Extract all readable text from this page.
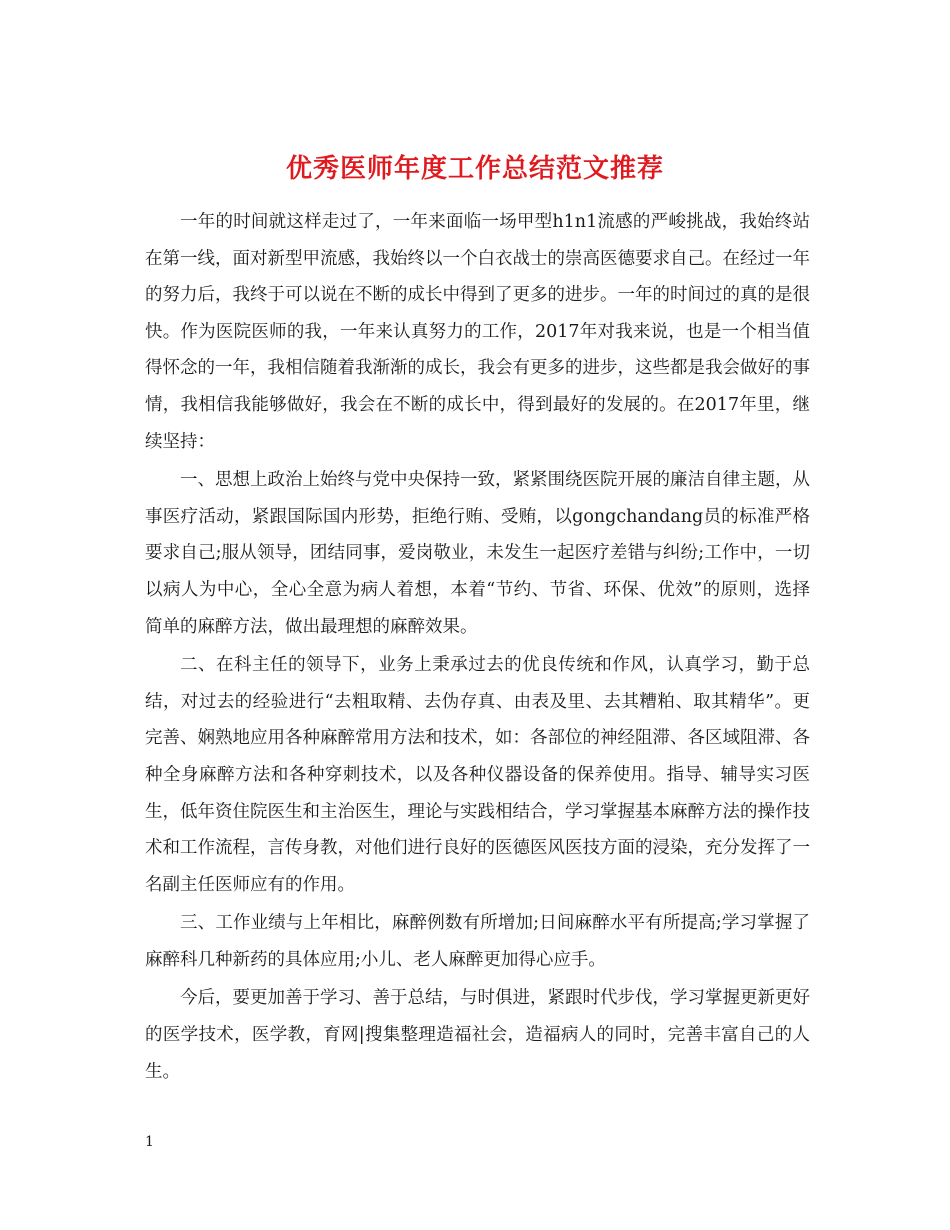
优秀医师年度工作总结范文推荐

一年的时间就这样走过了，一年来面临一场甲型h1n1流感的严峻挑战，我始终站在第一线，面对新型甲流感，我始终以一个白衣战士的崇高医德要求自己。在经过一年的努力后，我终于可以说在不断的成长中得到了更多的进步。一年的时间过的真的是很快。作为医院医师的我，一年来认真努力的工作，2017年对我来说，也是一个相当值得怀念的一年，我相信随着我渐渐的成长，我会有更多的进步，这些都是我会做好的事情，我相信我能够做好，我会在不断的成长中，得到最好的发展的。在2017年里，继续坚持：

一、思想上政治上始终与党中央保持一致，紧紧围绕医院开展的廉洁自律主题，从事医疗活动，紧跟国际国内形势，拒绝行贿、受贿，以gongchandang员的标准严格要求自己;服从领导，团结同事，爱岗敬业，未发生一起医疗差错与纠纷;工作中，一切以病人为中心，全心全意为病人着想，本着“节约、节省、环保、优效”的原则，选择简单的麻醉方法，做出最理想的麻醉效果。

二、在科主任的领导下，业务上秉承过去的优良传统和作风，认真学习，勤于总结，对过去的经验进行“去粗取精、去伪存真、由表及里、去其糟粕、取其精华”。更完善、娴熟地应用各种麻醉常用方法和技术，如：各部位的神经阻滞、各区域阻滞、各种全身麻醉方法和各种穿刺技术，以及各种仪器设备的保养使用。指导、辅导实习医生，低年资住院医生和主治医生，理论与实践相结合，学习掌握基本麻醉方法的操作技术和工作流程，言传身教，对他们进行良好的医德医风医技方面的浸染，充分发挥了一名副主任医师应有的作用。

三、工作业绩与上年相比，麻醉例数有所增加;日间麻醉水平有所提高;学习掌握了麻醉科几种新药的具体应用;小儿、老人麻醉更加得心应手。

今后，要更加善于学习、善于总结，与时俱进，紧跟时代步伐，学习掌握更新更好的医学技术，医学教，育网|搜集整理造福社会，造福病人的同时，完善丰富自己的人生。

1
